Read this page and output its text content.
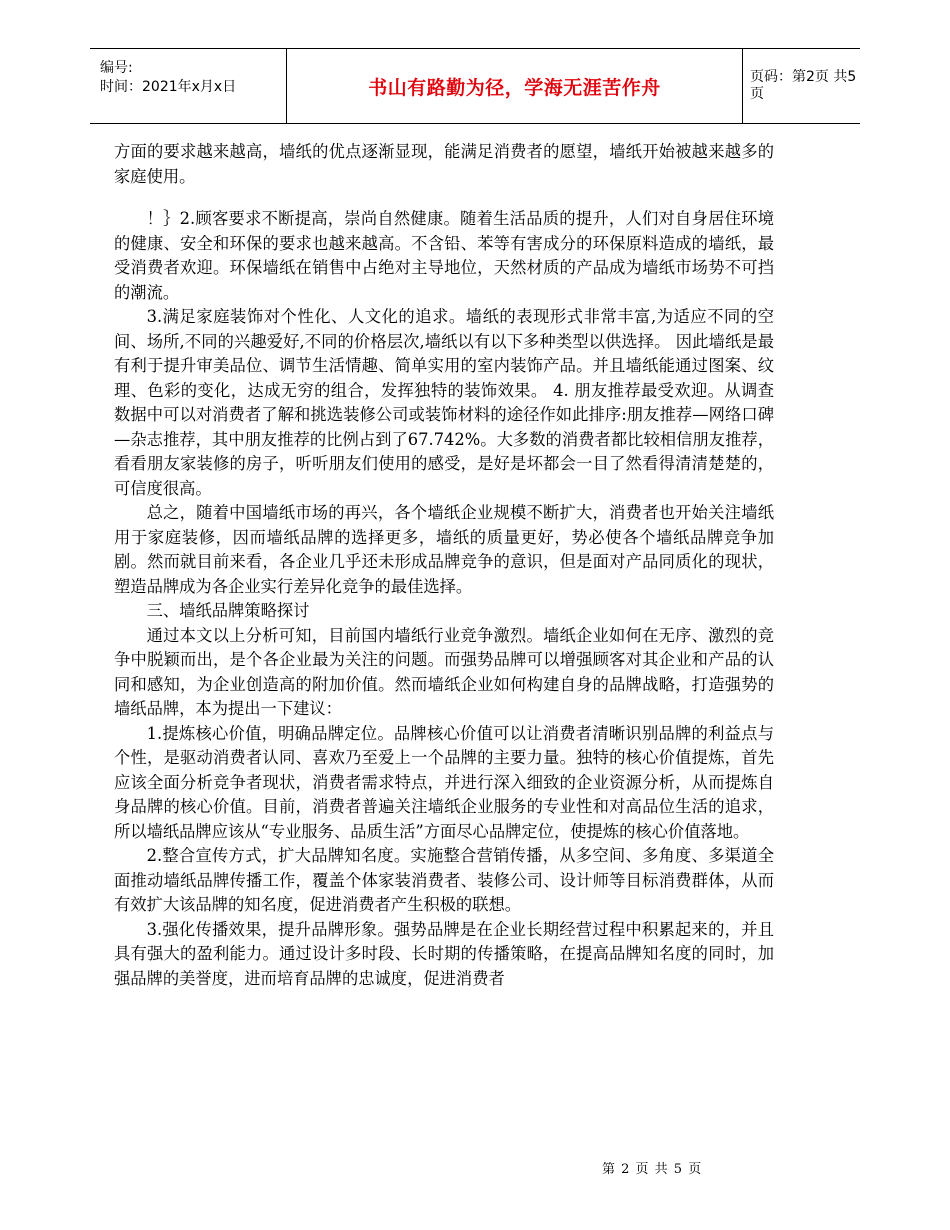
编号:
时间：2021年x月x日	书山有路勤为径，学海无涯苦作舟	页码：第2页 共5页

方面的要求越来越高，墙纸的优点逐渐显现，能满足消费者的愿望，墙纸开始被越来越多的家庭使用。

！｝2.顾客要求不断提高，崇尚自然健康。随着生活品质的提升，人们对自身居住环境的健康、安全和环保的要求也越来越高。不含铅、苯等有害成分的环保原料造成的墙纸，最受消费者欢迎。环保墙纸在销售中占绝对主导地位，天然材质的产品成为墙纸市场势不可挡的潮流。

3.满足家庭装饰对个性化、人文化的追求。墙纸的表现形式非常丰富,为适应不同的空间、场所,不同的兴趣爱好,不同的价格层次,墙纸以有以下多种类型以供选择。 因此墙纸是最有利于提升审美品位、调节生活情趣、简单实用的室内装饰产品。并且墙纸能通过图案、纹理、色彩的变化，达成无穷的组合，发挥独特的装饰效果。 4. 朋友推荐最受欢迎。从调查数据中可以对消费者了解和挑选装修公司或装饰材料的途径作如此排序:朋友推荐—网络口碑—杂志推荐，其中朋友推荐的比例占到了67.742%。大多数的消费者都比较相信朋友推荐，看看朋友家装修的房子，听听朋友们使用的感受，是好是坏都会一目了然看得清清楚楚的，可信度很高。

总之，随着中国墙纸市场的再兴，各个墙纸企业规模不断扩大，消费者也开始关注墙纸用于家庭装修，因而墙纸品牌的选择更多，墙纸的质量更好，势必使各个墙纸品牌竞争加剧。然而就目前来看，各企业几乎还未形成品牌竞争的意识，但是面对产品同质化的现状，塑造品牌成为各企业实行差异化竞争的最佳选择。

三、墙纸品牌策略探讨

通过本文以上分析可知，目前国内墙纸行业竞争激烈。墙纸企业如何在无序、激烈的竞争中脱颖而出，是个各企业最为关注的问题。而强势品牌可以增强顾客对其企业和产品的认同和感知，为企业创造高的附加价值。然而墙纸企业如何构建自身的品牌战略，打造强势的墙纸品牌，本为提出一下建议：

1.提炼核心价值，明确品牌定位。品牌核心价值可以让消费者清晰识别品牌的利益点与个性，是驱动消费者认同、喜欢乃至爱上一个品牌的主要力量。独特的核心价值提炼，首先应该全面分析竞争者现状，消费者需求特点，并进行深入细致的企业资源分析，从而提炼自身品牌的核心价值。目前，消费者普遍关注墙纸企业服务的专业性和对高品位生活的追求，所以墙纸品牌应该从“专业服务、品质生活”方面尽心品牌定位，使提炼的核心价值落地。

2.整合宣传方式，扩大品牌知名度。实施整合营销传播，从多空间、多角度、多渠道全面推动墙纸品牌传播工作，覆盖个体家装消费者、装修公司、设计师等目标消费群体，从而有效扩大该品牌的知名度，促进消费者产生积极的联想。

3.强化传播效果，提升品牌形象。强势品牌是在企业长期经营过程中积累起来的，并且具有强大的盈利能力。通过设计多时段、长时期的传播策略，在提高品牌知名度的同时，加强品牌的美誉度，进而培育品牌的忠诚度，促进消费者

第 2 页 共 5 页
